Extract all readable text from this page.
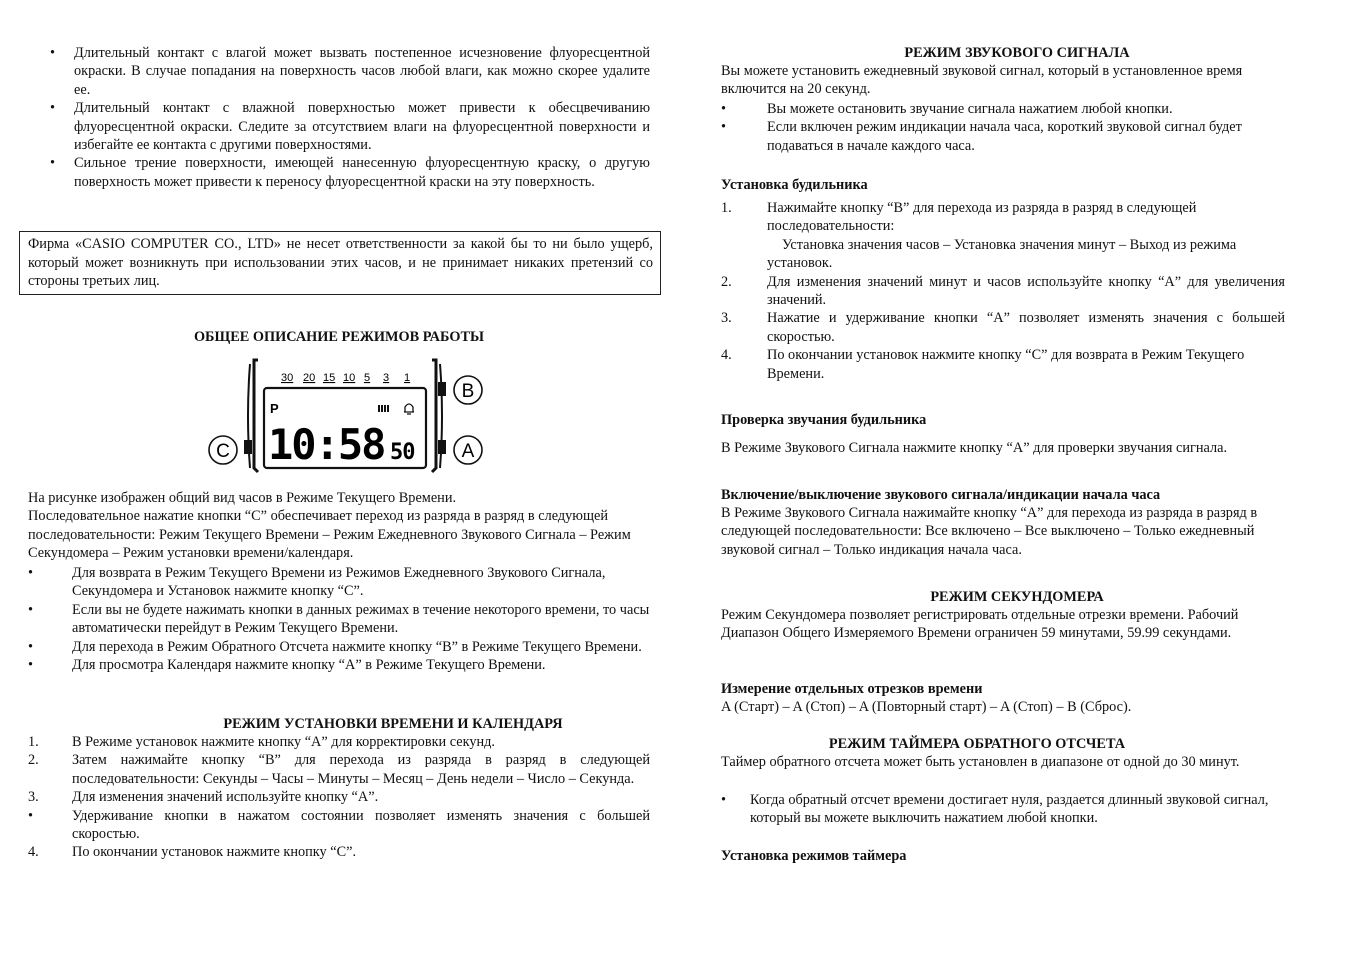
• Длительный контакт с влагой может вызвать постепенное исчезновение флуоресцентной окраски. В случае попадания на поверхность часов любой влаги, как можно скорее удалите ее.
• Длительный контакт с влажной поверхностью может привести к обесцвечиванию флуоресцентной окраски. Следите за отсутствием влаги на флуоресцентной поверхности и избегайте ее контакта с другими поверхностями.
• Сильное трение поверхности, имеющей нанесенную флуоресцентную краску, о другую поверхность может привести к переносу флуоресцентной краски на эту поверхность.
Фирма «CASIO COMPUTER CO., LTD» не несет ответственности за какой бы то ни было ущерб, который может возникнуть при использовании этих часов, и не принимает никаких претензий со стороны третьих лиц.
ОБЩЕЕ ОПИСАНИЕ РЕЖИМОВ РАБОТЫ
30 20 15 10 5 3 1
P
10:58 50
B
A
C
На рисунке изображен общий вид часов в Режиме Текущего Времени.
Последовательное нажатие кнопки “C” обеспечивает переход из разряда в разряд в следующей последовательности: Режим Текущего Времени – Режим Ежедневного Звукового Сигнала – Режим Секундомера – Режим установки времени/календаря.
•	Для возврата в Режим Текущего Времени из Режимов Ежедневного Звукового Сигнала, Секундомера и Установок нажмите кнопку “C”.
•	Если вы не будете нажимать кнопки в данных режимах в течение некоторого времени, то часы автоматически перейдут в Режим Текущего Времени.
•	Для перехода в Режим Обратного Отсчета нажмите кнопку “B” в Режиме Текущего Времени.
•	Для просмотра Календаря нажмите кнопку “A” в Режиме Текущего Времени.
РЕЖИМ УСТАНОВКИ ВРЕМЕНИ И КАЛЕНДАРЯ
1. В Режиме установок нажмите кнопку “A” для корректировки секунд.
2. Затем нажимайте кнопку “B” для перехода из разряда в разряд в следующей последовательности: Секунды – Часы – Минуты – Месяц – День недели – Число – Секунда.
3. Для изменения значений используйте кнопку “A”.
•	Удерживание кнопки в нажатом состоянии позволяет изменять значения с большей скоростью.
4. По окончании установок нажмите кнопку “C”.
РЕЖИМ ЗВУКОВОГО СИГНАЛА
Вы можете установить ежедневный звуковой сигнал, который в установленное время включится на 20 секунд.
•	Вы можете остановить звучание сигнала нажатием любой кнопки.
•	Если включен режим индикации начала часа, короткий звуковой сигнал будет подаваться в начале каждого часа.
Установка будильника
1. Нажимайте кнопку “B” для перехода из разряда в разряд в следующей последовательности:
Установка значения часов – Установка значения минут – Выход из режима установок.
2. Для изменения значений минут и часов используйте кнопку “A” для увеличения значений.
3. Нажатие и удерживание кнопки “A” позволяет изменять значения с большей скоростью.
4. По окончании установок нажмите кнопку “C” для возврата в Режим Текущего Времени.
Проверка звучания будильника
В Режиме Звукового Сигнала нажмите кнопку “A” для проверки звучания сигнала.
Включение/выключение звукового сигнала/индикации начала часа
В Режиме Звукового Сигнала нажимайте кнопку “A” для перехода из разряда в разряд в следующей последовательности: Все включено – Все выключено – Только ежедневный звуковой сигнал – Только индикация начала часа.
РЕЖИМ СЕКУНДОМЕРА
Режим Секундомера позволяет регистрировать отдельные отрезки времени. Рабочий Диапазон Общего Измеряемого Времени ограничен 59 минутами, 59.99 секундами.
Измерение отдельных отрезков времени
A (Старт) – A (Стоп) – A (Повторный старт) – A (Стоп) – B (Сброс).
РЕЖИМ ТАЙМЕРА ОБРАТНОГО ОТСЧЕТА
Таймер обратного отсчета может быть установлен в диапазоне от одной до 30 минут.
• Когда обратный отсчет времени достигает нуля, раздается длинный звуковой сигнал, который вы можете выключить нажатием любой кнопки.
Установка режимов таймера
